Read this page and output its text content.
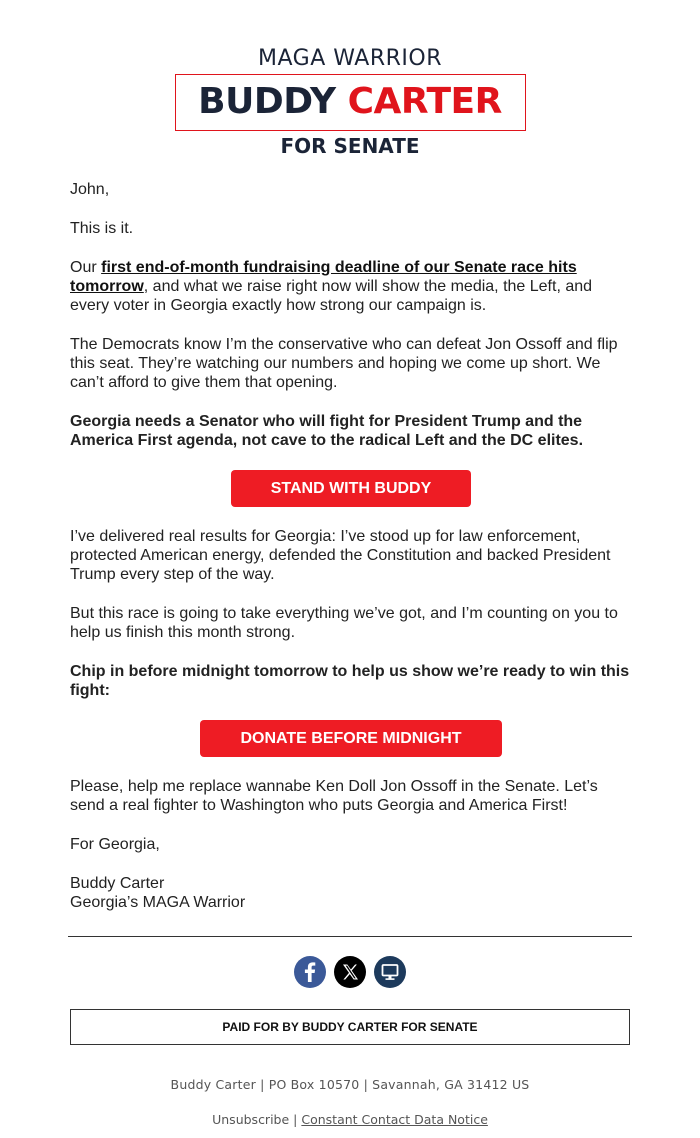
MAGA WARRIOR
BUDDY CARTER
FOR SENATE

John,

This is it.

Our first end-of-month fundraising deadline of our Senate race hits tomorrow, and what we raise right now will show the media, the Left, and every voter in Georgia exactly how strong our campaign is.

The Democrats know I’m the conservative who can defeat Jon Ossoff and flip this seat. They’re watching our numbers and hoping we come up short. We can’t afford to give them that opening.

Georgia needs a Senator who will fight for President Trump and the America First agenda, not cave to the radical Left and the DC elites.

STAND WITH BUDDY

I’ve delivered real results for Georgia: I’ve stood up for law enforcement, protected American energy, defended the Constitution and backed President Trump every step of the way.

But this race is going to take everything we’ve got, and I’m counting on you to help us finish this month strong.

Chip in before midnight tomorrow to help us show we’re ready to win this fight:

DONATE BEFORE MIDNIGHT

Please, help me replace wannabe Ken Doll Jon Ossoff in the Senate. Let’s send a real fighter to Washington who puts Georgia and America First!

For Georgia,

Buddy Carter
Georgia’s MAGA Warrior

PAID FOR BY BUDDY CARTER FOR SENATE
Buddy Carter | PO Box 10570 | Savannah, GA 31412 US
Unsubscribe | Constant Contact Data Notice
